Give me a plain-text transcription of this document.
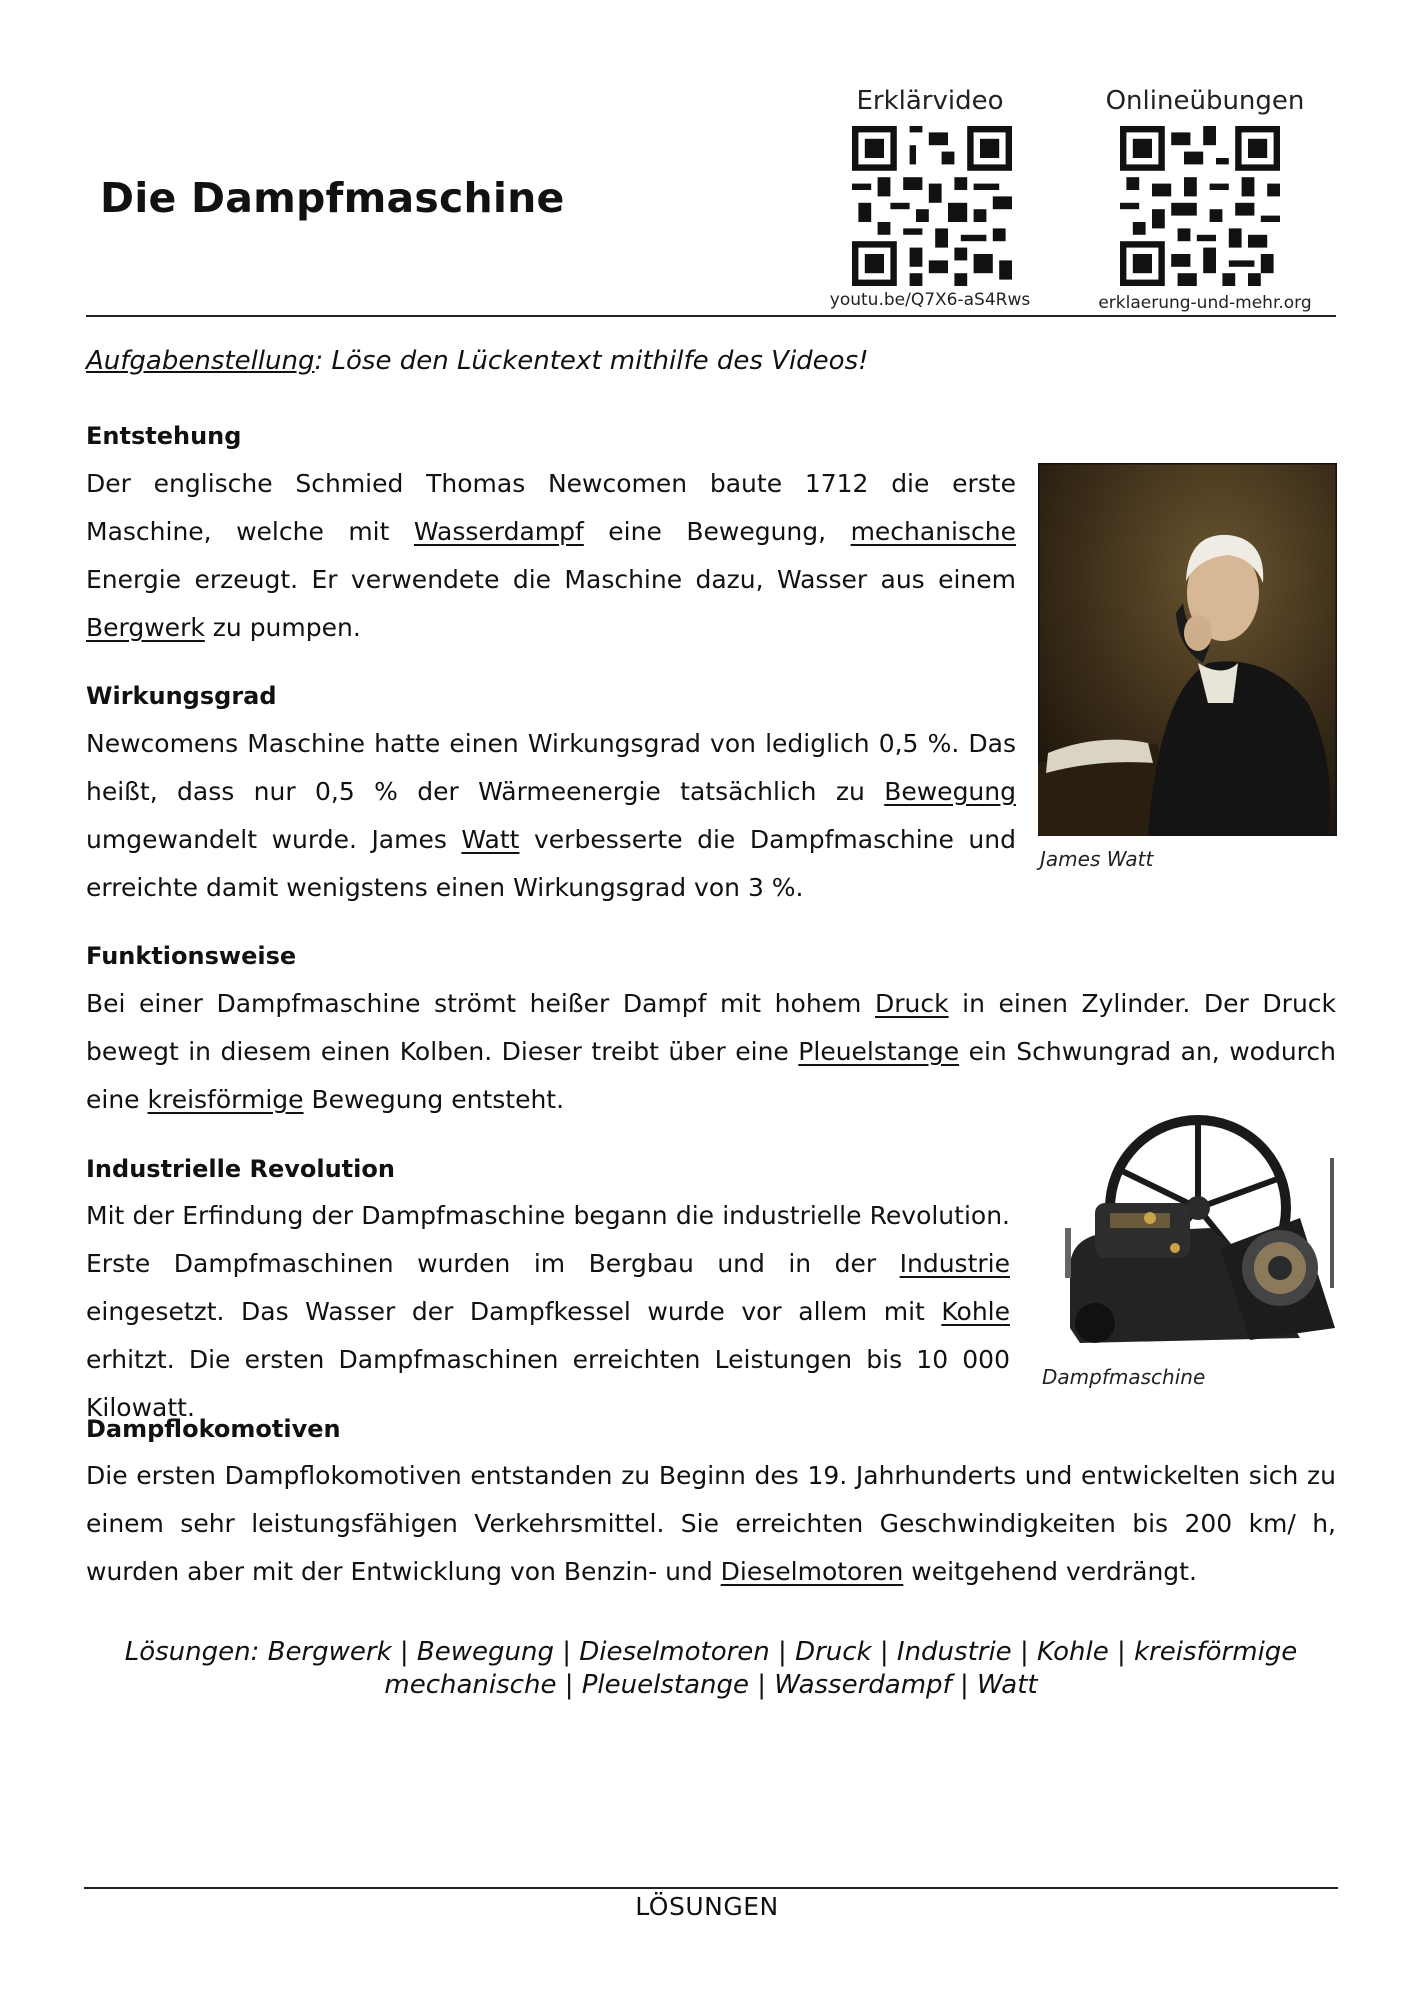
Die Dampfmaschine
Erklärvideo
youtu.be/Q7X6-aS4Rws
Onlineübungen
erklaerung-und-mehr.org
Aufgabenstellung: Löse den Lückentext mithilfe des Videos!
Entstehung
Der englische Schmied Thomas Newcomen baute 1712 die erste Maschine, welche mit Wasserdampf eine Bewegung, mechanische Energie erzeugt. Er verwendete die Maschine dazu, Wasser aus einem Bergwerk zu pumpen.
James Watt
Wirkungsgrad
Newcomens Maschine hatte einen Wirkungsgrad von lediglich 0,5 %. Das heißt, dass nur 0,5 % der Wärmeenergie tatsächlich zu Bewegung umgewandelt wurde. James Watt verbesserte die Dampfmaschine und erreichte damit wenigstens einen Wirkungsgrad von 3 %.
Funktionsweise
Bei einer Dampfmaschine strömt heißer Dampf mit hohem Druck in einen Zylinder. Der Druck bewegt in diesem einen Kolben. Dieser treibt über eine Pleuelstange ein Schwungrad an, wodurch eine kreisförmige Bewegung entsteht.
Industrielle Revolution
Mit der Erfindung der Dampfmaschine begann die industrielle Revolution. Erste Dampfmaschinen wurden im Bergbau und in der Industrie eingesetzt. Das Wasser der Dampfkessel wurde vor allem mit Kohle erhitzt. Die ersten Dampfmaschinen erreichten Leistungen bis 10 000 Kilowatt.
Dampfmaschine
Dampflokomotiven
Die ersten Dampflokomotiven entstanden zu Beginn des 19. Jahrhunderts und entwickelten sich zu einem sehr leistungsfähigen Verkehrsmittel. Sie erreichten Geschwindigkeiten bis 200 km/ h, wurden aber mit der Entwicklung von Benzin- und Dieselmotoren weitgehend verdrängt.
Lösungen: Bergwerk | Bewegung | Dieselmotoren | Druck | Industrie | Kohle | kreisförmige
mechanische | Pleuelstange | Wasserdampf | Watt
LÖSUNGEN
